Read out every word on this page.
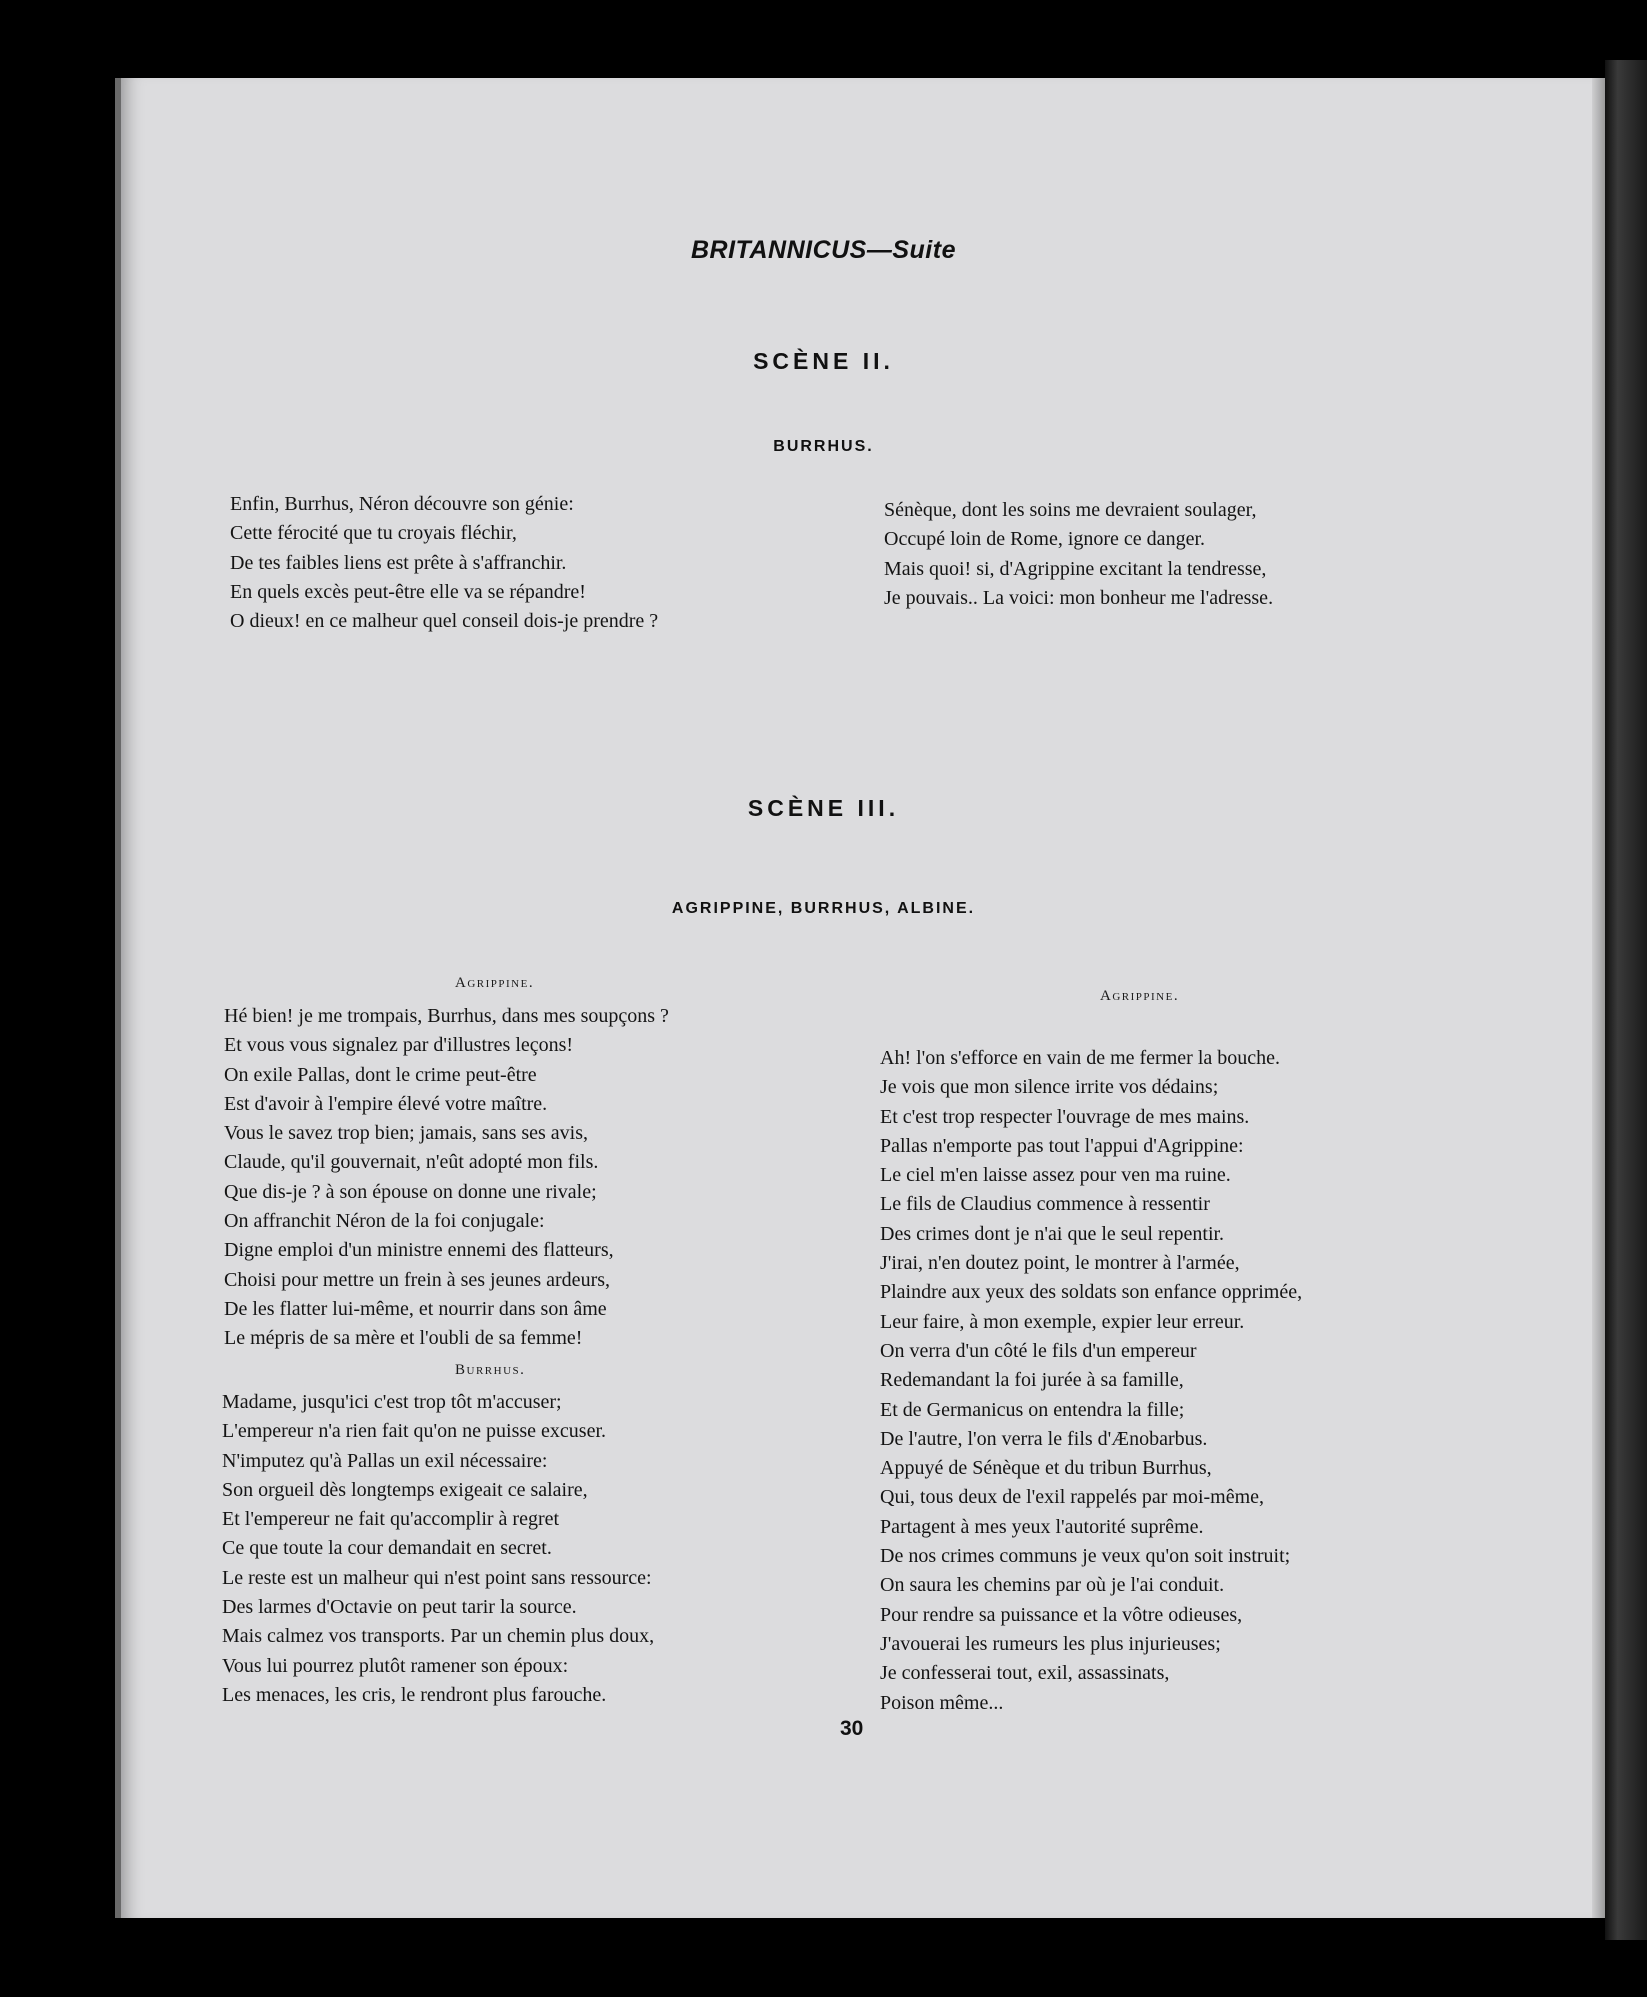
BRITANNICUS—Suite
SCÈNE II.
BURRHUS.
Enfin, Burrhus, Néron découvre son génie:
Cette férocité que tu croyais fléchir,
De tes faibles liens est prête à s'affranchir.
En quels excès peut-être elle va se répandre!
O dieux! en ce malheur quel conseil dois-je prendre ?
Sénèque, dont les soins me devraient soulager,
Occupé loin de Rome, ignore ce danger.
Mais quoi! si, d'Agrippine excitant la tendresse,
Je pouvais.. La voici: mon bonheur me l'adresse.
SCÈNE III.
AGRIPPINE, BURRHUS, ALBINE.
Agrippine.
Hé bien! je me trompais, Burrhus, dans mes soupçons ?
Et vous vous signalez par d'illustres leçons!
On exile Pallas, dont le crime peut-être
Est d'avoir à l'empire élevé votre maître.
Vous le savez trop bien; jamais, sans ses avis,
Claude, qu'il gouvernait, n'eût adopté mon fils.
Que dis-je ? à son épouse on donne une rivale;
On affranchit Néron de la foi conjugale:
Digne emploi d'un ministre ennemi des flatteurs,
Choisi pour mettre un frein à ses jeunes ardeurs,
De les flatter lui-même, et nourrir dans son âme
Le mépris de sa mère et l'oubli de sa femme!
Burrhus.
Madame, jusqu'ici c'est trop tôt m'accuser;
L'empereur n'a rien fait qu'on ne puisse excuser.
N'imputez qu'à Pallas un exil nécessaire:
Son orgueil dès longtemps exigeait ce salaire,
Et l'empereur ne fait qu'accomplir à regret
Ce que toute la cour demandait en secret.
Le reste est un malheur qui n'est point sans ressource:
Des larmes d'Octavie on peut tarir la source.
Mais calmez vos transports. Par un chemin plus doux,
Vous lui pourrez plutôt ramener son époux:
Les menaces, les cris, le rendront plus farouche.
Agrippine.
Ah! l'on s'efforce en vain de me fermer la bouche.
Je vois que mon silence irrite vos dédains;
Et c'est trop respecter l'ouvrage de mes mains.
Pallas n'emporte pas tout l'appui d'Agrippine:
Le ciel m'en laisse assez pour ven ma ruine.
Le fils de Claudius commence à ressentir
Des crimes dont je n'ai que le seul repentir.
J'irai, n'en doutez point, le montrer à l'armée,
Plaindre aux yeux des soldats son enfance opprimée,
Leur faire, à mon exemple, expier leur erreur.
On verra d'un côté le fils d'un empereur
Redemandant la foi jurée à sa famille,
Et de Germanicus on entendra la fille;
De l'autre, l'on verra le fils d'Ænobarbus.
Appuyé de Sénèque et du tribun Burrhus,
Qui, tous deux de l'exil rappelés par moi-même,
Partagent à mes yeux l'autorité suprême.
De nos crimes communs je veux qu'on soit instruit;
On saura les chemins par où je l'ai conduit.
Pour rendre sa puissance et la vôtre odieuses,
J'avouerai les rumeurs les plus injurieuses;
Je confesserai tout, exil, assassinats,
Poison même...
30
